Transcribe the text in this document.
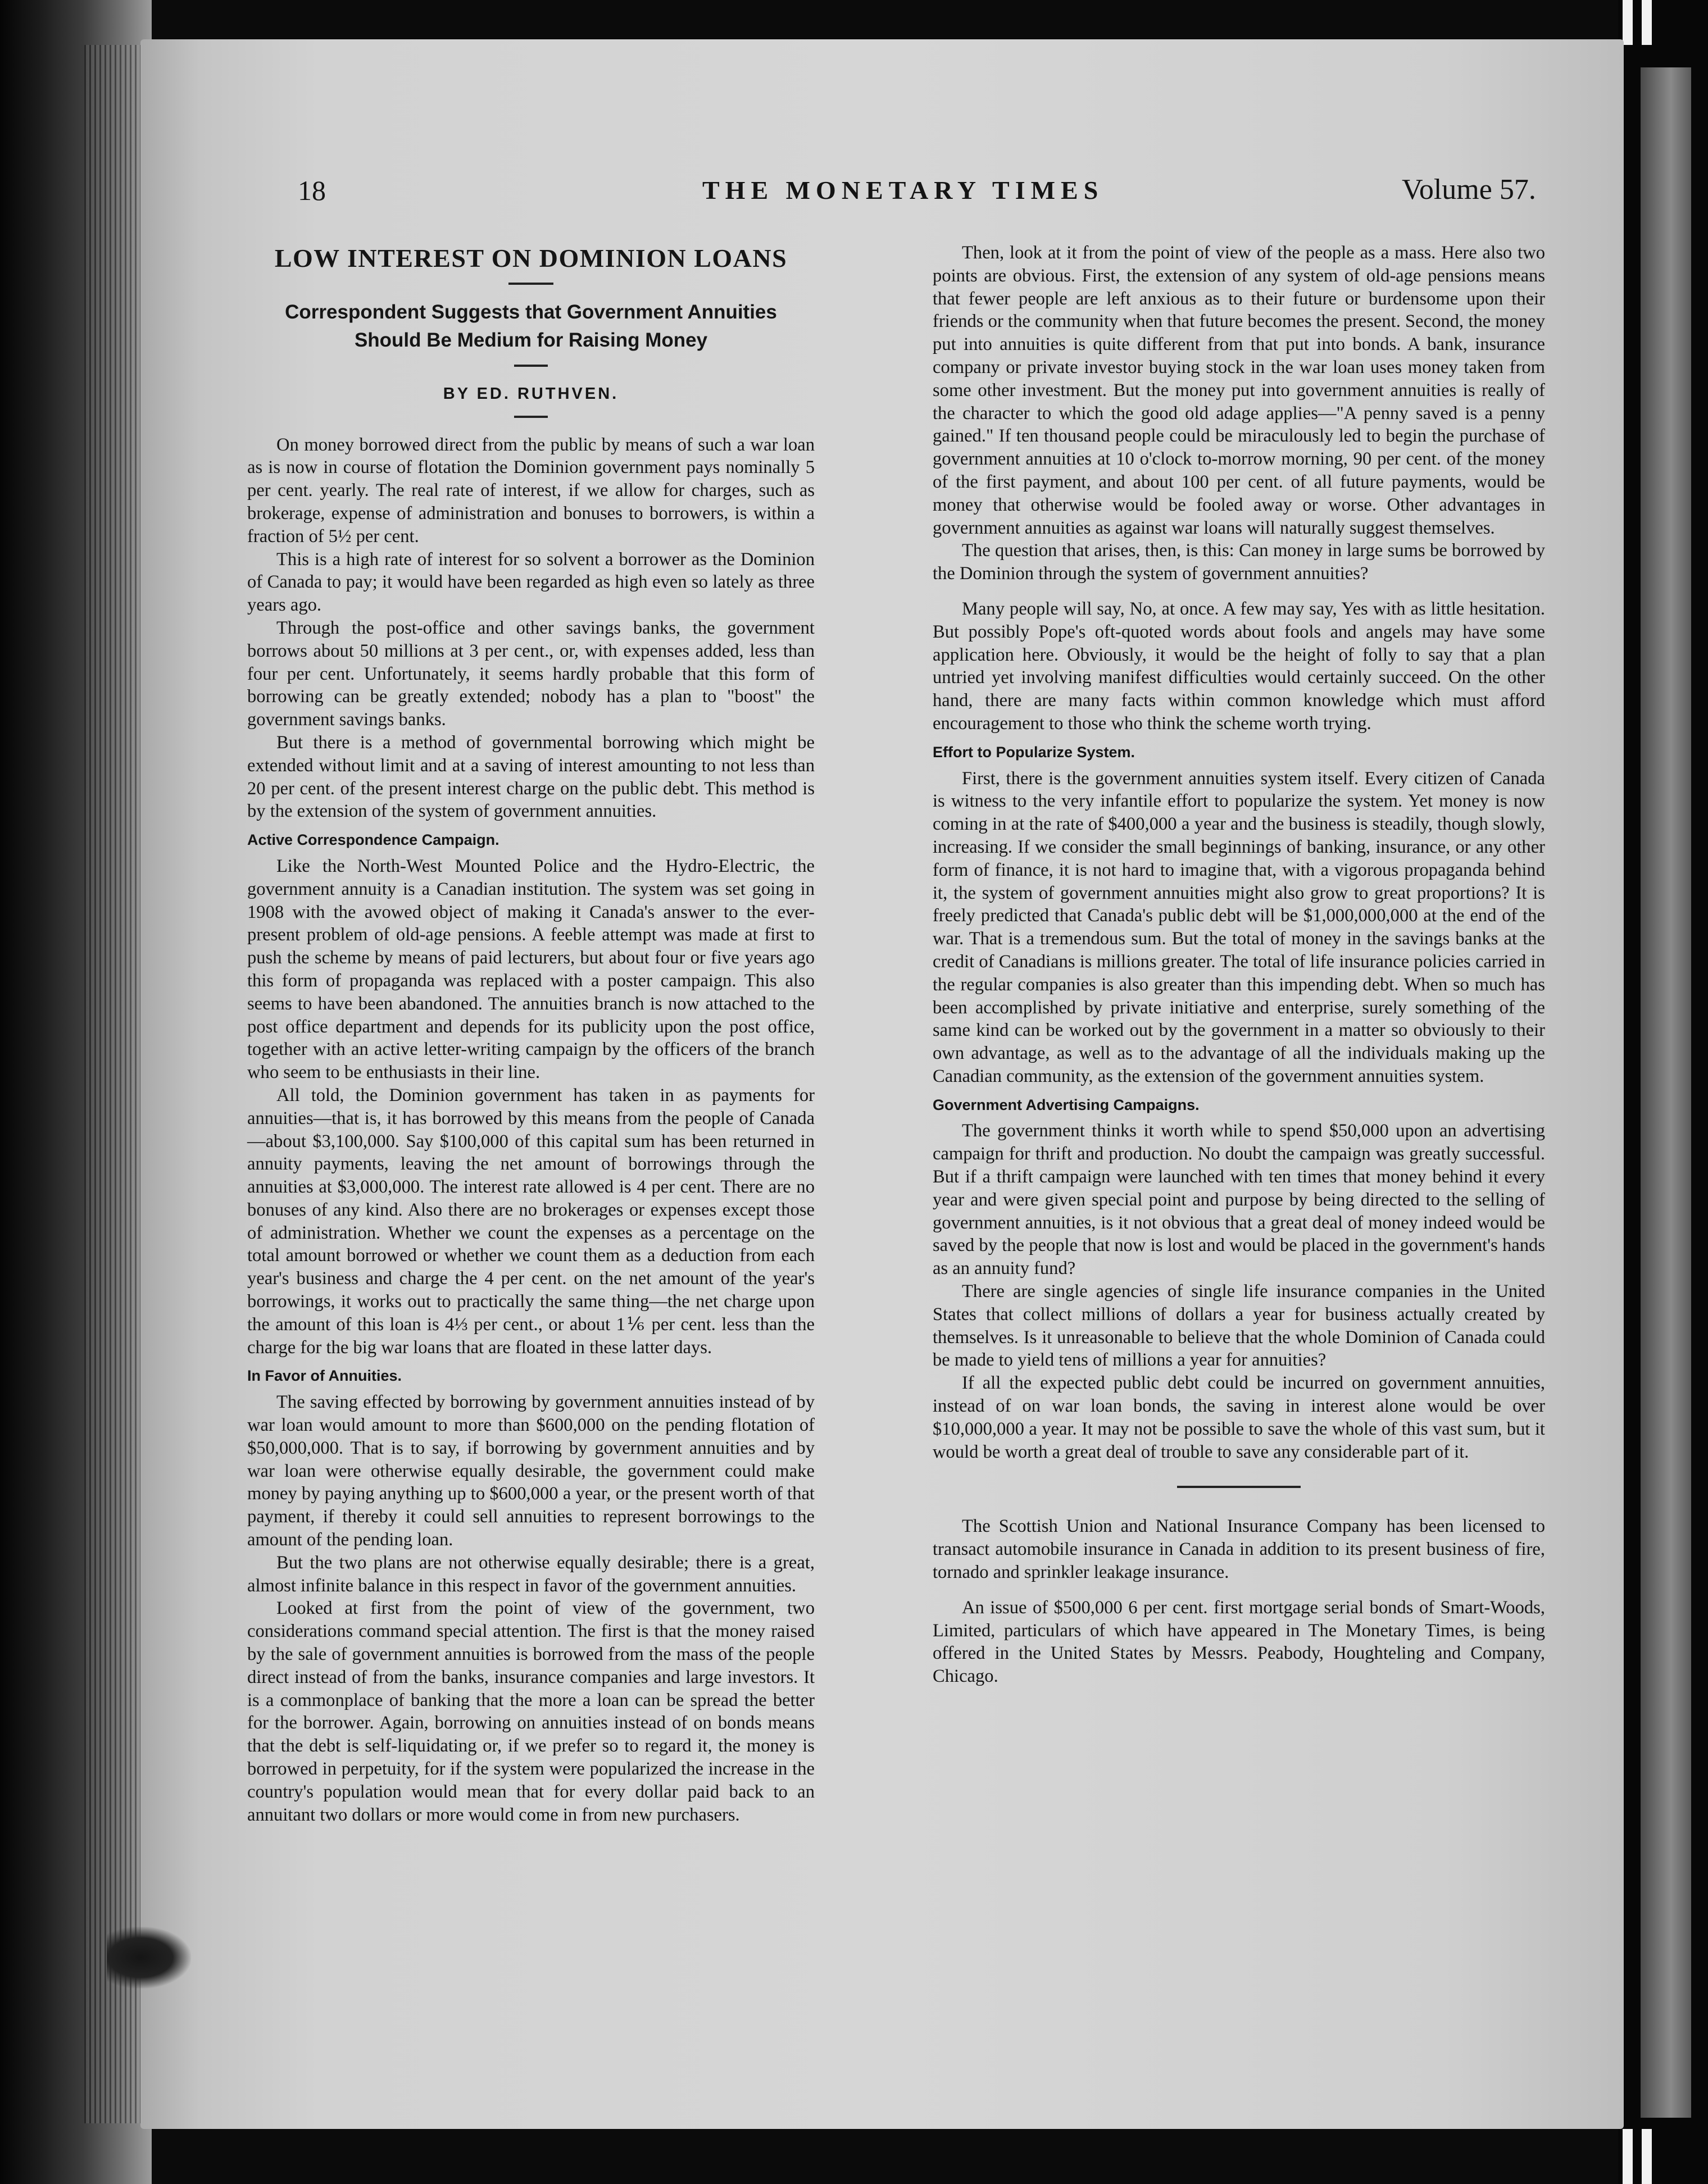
18	THE MONETARY TIMES	Volume 57.
LOW INTEREST ON DOMINION LOANS
Correspondent Suggests that Government Annuities
Should Be Medium for Raising Money
BY ED. RUTHVEN.

On money borrowed direct from the public by means of such a war loan as is now in course of flotation the Dominion government pays nominally 5 per cent. yearly. The real rate of interest, if we allow for charges, such as brokerage, expense of administration and bonuses to borrowers, is within a fraction of 5½ per cent.

This is a high rate of interest for so solvent a borrower as the Dominion of Canada to pay; it would have been regarded as high even so lately as three years ago.

Through the post-office and other savings banks, the government borrows about 50 millions at 3 per cent., or, with expenses added, less than four per cent. Unfortunately, it seems hardly probable that this form of borrowing can be greatly extended; nobody has a plan to "boost" the government savings banks.

But there is a method of governmental borrowing which might be extended without limit and at a saving of interest amounting to not less than 20 per cent. of the present interest charge on the public debt. This method is by the extension of the system of government annuities.

Active Correspondence Campaign.

Like the North-West Mounted Police and the Hydro-Electric, the government annuity is a Canadian institution. The system was set going in 1908 with the avowed object of making it Canada's answer to the ever-present problem of old-age pensions. A feeble attempt was made at first to push the scheme by means of paid lecturers, but about four or five years ago this form of propaganda was replaced with a poster campaign. This also seems to have been abandoned. The annuities branch is now attached to the post office department and depends for its publicity upon the post office, together with an active letter-writing campaign by the officers of the branch who seem to be enthusiasts in their line.

All told, the Dominion government has taken in as payments for annuities—that is, it has borrowed by this means from the people of Canada—about $3,100,000. Say $100,000 of this capital sum has been returned in annuity payments, leaving the net amount of borrowings through the annuities at $3,000,000. The interest rate allowed is 4 per cent. There are no bonuses of any kind. Also there are no brokerages or expenses except those of administration. Whether we count the expenses as a percentage on the total amount borrowed or whether we count them as a deduction from each year's business and charge the 4 per cent. on the net amount of the year's borrowings, it works out to practically the same thing—the net charge upon the amount of this loan is 4⅓ per cent., or about 1⅙ per cent. less than the charge for the big war loans that are floated in these latter days.

In Favor of Annuities.

The saving effected by borrowing by government annuities instead of by war loan would amount to more than $600,000 on the pending flotation of $50,000,000. That is to say, if borrowing by government annuities and by war loan were otherwise equally desirable, the government could make money by paying anything up to $600,000 a year, or the present worth of that payment, if thereby it could sell annuities to represent borrowings to the amount of the pending loan.

But the two plans are not otherwise equally desirable; there is a great, almost infinite balance in this respect in favor of the government annuities.

Looked at first from the point of view of the government, two considerations command special attention. The first is that the money raised by the sale of government annuities is borrowed from the mass of the people direct instead of from the banks, insurance companies and large investors. It is a commonplace of banking that the more a loan can be spread the better for the borrower. Again, borrowing on annuities instead of on bonds means that the debt is self-liquidating or, if we prefer so to regard it, the money is borrowed in perpetuity, for if the system were popularized the increase in the country's population would mean that for every dollar paid back to an annuitant two dollars or more would come in from new purchasers.

Then, look at it from the point of view of the people as a mass. Here also two points are obvious. First, the extension of any system of old-age pensions means that fewer people are left anxious as to their future or burdensome upon their friends or the community when that future becomes the present. Second, the money put into annuities is quite different from that put into bonds. A bank, insurance company or private investor buying stock in the war loan uses money taken from some other investment. But the money put into government annuities is really of the character to which the good old adage applies—"A penny saved is a penny gained." If ten thousand people could be miraculously led to begin the purchase of government annuities at 10 o'clock to-morrow morning, 90 per cent. of the money of the first payment, and about 100 per cent. of all future payments, would be money that otherwise would be fooled away or worse. Other advantages in government annuities as against war loans will naturally suggest themselves.

The question that arises, then, is this: Can money in large sums be borrowed by the Dominion through the system of government annuities?

Many people will say, No, at once. A few may say, Yes with as little hesitation. But possibly Pope's oft-quoted words about fools and angels may have some application here. Obviously, it would be the height of folly to say that a plan untried yet involving manifest difficulties would certainly succeed. On the other hand, there are many facts within common knowledge which must afford encouragement to those who think the scheme worth trying.

Effort to Popularize System.

First, there is the government annuities system itself. Every citizen of Canada is witness to the very infantile effort to popularize the system. Yet money is now coming in at the rate of $400,000 a year and the business is steadily, though slowly, increasing. If we consider the small beginnings of banking, insurance, or any other form of finance, it is not hard to imagine that, with a vigorous propaganda behind it, the system of government annuities might also grow to great proportions? It is freely predicted that Canada's public debt will be $1,000,000,000 at the end of the war. That is a tremendous sum. But the total of money in the savings banks at the credit of Canadians is millions greater. The total of life insurance policies carried in the regular companies is also greater than this impending debt. When so much has been accomplished by private initiative and enterprise, surely something of the same kind can be worked out by the government in a matter so obviously to their own advantage, as well as to the advantage of all the individuals making up the Canadian community, as the extension of the government annuities system.

Government Advertising Campaigns.

The government thinks it worth while to spend $50,000 upon an advertising campaign for thrift and production. No doubt the campaign was greatly successful. But if a thrift campaign were launched with ten times that money behind it every year and were given special point and purpose by being directed to the selling of government annuities, is it not obvious that a great deal of money indeed would be saved by the people that now is lost and would be placed in the government's hands as an annuity fund?

There are single agencies of single life insurance companies in the United States that collect millions of dollars a year for business actually created by themselves. Is it unreasonable to believe that the whole Dominion of Canada could be made to yield tens of millions a year for annuities?

If all the expected public debt could be incurred on government annuities, instead of on war loan bonds, the saving in interest alone would be over $10,000,000 a year. It may not be possible to save the whole of this vast sum, but it would be worth a great deal of trouble to save any considerable part of it.

The Scottish Union and National Insurance Company has been licensed to transact automobile insurance in Canada in addition to its present business of fire, tornado and sprinkler leakage insurance.

An issue of $500,000 6 per cent. first mortgage serial bonds of Smart-Woods, Limited, particulars of which have appeared in The Monetary Times, is being offered in the United States by Messrs. Peabody, Houghteling and Company, Chicago.
